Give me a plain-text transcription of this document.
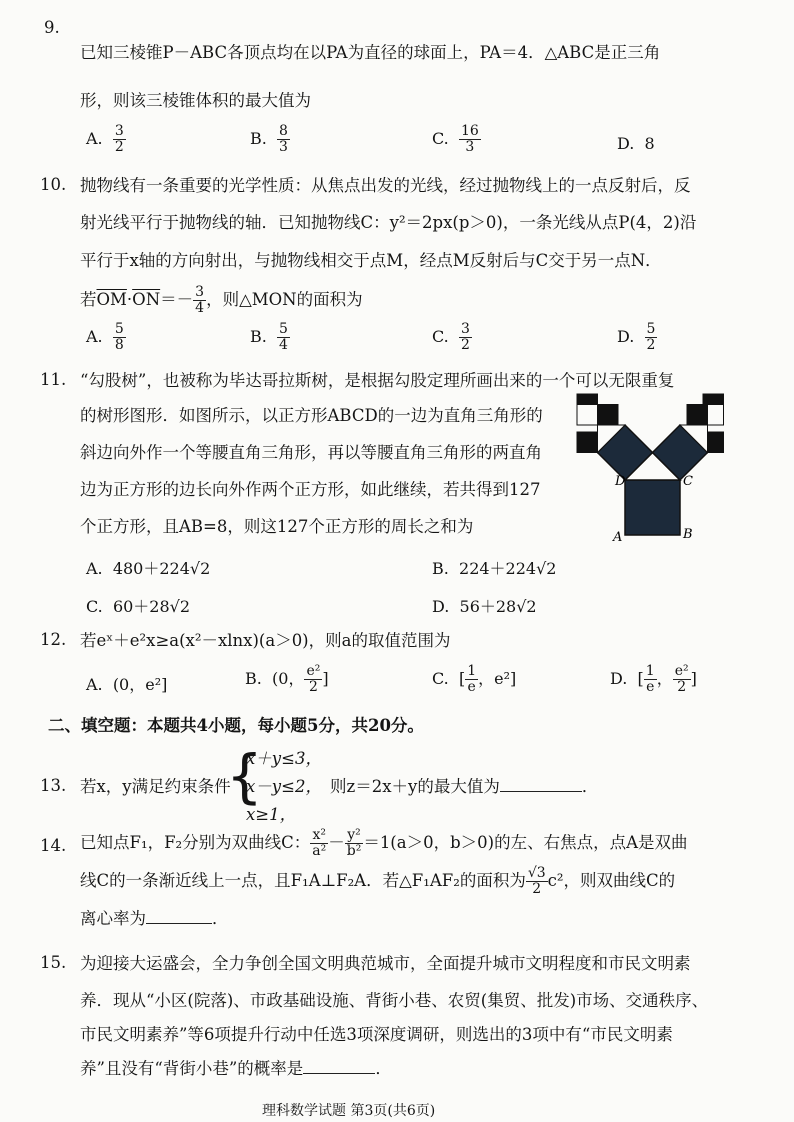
9.
已知三棱锥P－ABC各顶点均在以PA为直径的球面上，PA＝4．△ABC是正三角
形，则该三棱锥体积的最大值为
A. $\frac{3}{2}$	B. $\frac{8}{3}$	C. $\frac{16}{3}$	D. 8
10. 抛物线有一条重要的光学性质：从焦点出发的光线，经过抛物线上的一点反射后，反
射光线平行于抛物线的轴．已知抛物线C：y²＝2px(p＞0)，一条光线从点P(4，2)沿
平行于x轴的方向射出，与抛物线相交于点M，经点M反射后与C交于另一点N．
若$\overline{OM}\cdot\overline{ON}=- \frac{3}{4}$ ，则△MON的面积为
A. $\frac{5}{8}$	B. $\frac{5}{4}$	C. $\frac{3}{2}$	D. $\frac{5}{2}$
11. “勾股树”，也被称为毕达哥拉斯树，是根据勾股定理所画出来的一个可以无限重复
的树形图形．如图所示，以正方形ABCD的一边为直角三角形的
斜边向外作一个等腰直角三角形，再以等腰直角三角形的两直角
边为正方形的边长向外作两个正方形，如此继续，若共得到127
个正方形，且AB=8，则这127个正方形的周长之和为
D	C
A	B
A. 480＋224√2	B. 224＋224√2
C. 60＋28√2	D. 56＋28√2
12. 若eˣ＋e²x≥a(x²－xlnx)(a＞0)，则a的取值范围为
A. (0，e²]	B. (0， $\frac{\text{e²}}{2}$ ]	C. [ $\frac{1}{e}$ ，e²]	D. [ $\frac{1}{e}$ ， $\frac{\text{e²}}{2}$ ]
二、填空题：本题共4小题，每小题5分，共20分。
13. 若x，y满足约束条件
{
x＋y≤3，
x－y≤2，
x≥1，
则z＝2x＋y的最大值为	．
14. 已知点F₁，F₂分别为双曲线C： $\frac{\text{x²}}{\text{a²}} - \frac{\text{y²}}{\text{b²}} =1(a>0$，b＞0)的左、右焦点，点A是双曲
线C的一条渐近线上一点，且F₁A⊥F₂A．若△F₁AF₂的面积为 $\frac{√3}{2} c^2$，则双曲线C的
离心率为	．
15. 为迎接大运盛会，全力争创全国文明典范城市，全面提升城市文明程度和市民文明素
养．现从“小区(院落)、市政基础设施、背街小巷、农贸(集贸、批发)市场、交通秩序、
市民文明素养”等6项提升行动中任选3项深度调研，则选出的3项中有“市民文明素
养”且没有“背街小巷”的概率是	．
理科数学试题 第3页(共6页)
